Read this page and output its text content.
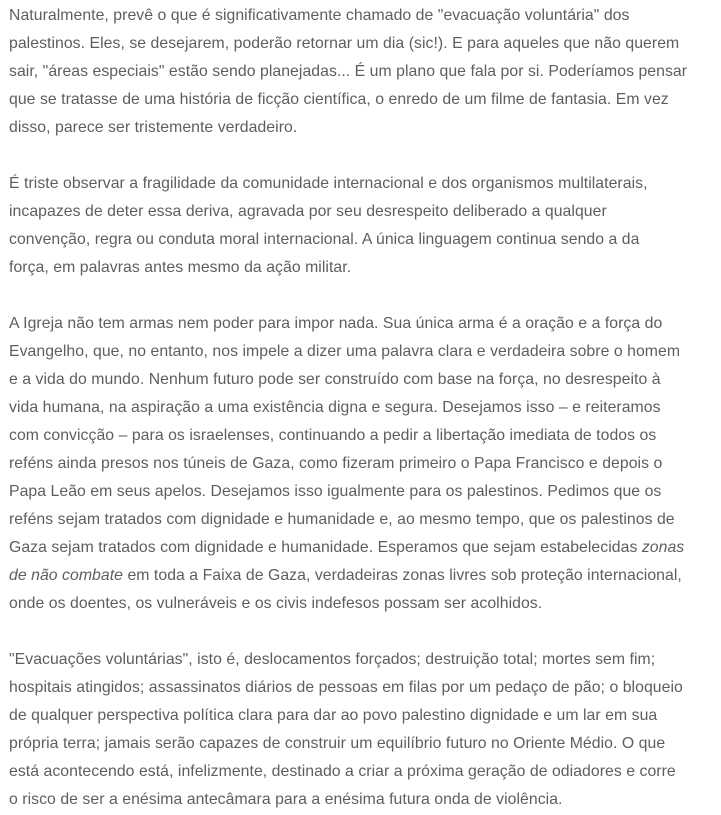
Naturalmente, prevê o que é significativamente chamado de "evacuação voluntária" dos
palestinos. Eles, se desejarem, poderão retornar um dia (sic!). E para aqueles que não querem
sair, "áreas especiais" estão sendo planejadas... É um plano que fala por si. Poderíamos pensar
que se tratasse de uma história de ficção científica, o enredo de um filme de fantasia. Em vez
disso, parece ser tristemente verdadeiro.

É triste observar a fragilidade da comunidade internacional e dos organismos multilaterais,
incapazes de deter essa deriva, agravada por seu desrespeito deliberado a qualquer
convenção, regra ou conduta moral internacional. A única linguagem continua sendo a da
força, em palavras antes mesmo da ação militar.

A Igreja não tem armas nem poder para impor nada. Sua única arma é a oração e a força do
Evangelho, que, no entanto, nos impele a dizer uma palavra clara e verdadeira sobre o homem
e a vida do mundo. Nenhum futuro pode ser construído com base na força, no desrespeito à
vida humana, na aspiração a uma existência digna e segura. Desejamos isso – e reiteramos
com convicção – para os israelenses, continuando a pedir a libertação imediata de todos os
reféns ainda presos nos túneis de Gaza, como fizeram primeiro o Papa Francisco e depois o
Papa Leão em seus apelos. Desejamos isso igualmente para os palestinos. Pedimos que os
reféns sejam tratados com dignidade e humanidade e, ao mesmo tempo, que os palestinos de
Gaza sejam tratados com dignidade e humanidade. Esperamos que sejam estabelecidas zonas
de não combate em toda a Faixa de Gaza, verdadeiras zonas livres sob proteção internacional,
onde os doentes, os vulneráveis e os civis indefesos possam ser acolhidos.

"Evacuações voluntárias", isto é, deslocamentos forçados; destruição total; mortes sem fim;
hospitais atingidos; assassinatos diários de pessoas em filas por um pedaço de pão; o bloqueio
de qualquer perspectiva política clara para dar ao povo palestino dignidade e um lar em sua
própria terra; jamais serão capazes de construir um equilíbrio futuro no Oriente Médio. O que
está acontecendo está, infelizmente, destinado a criar a próxima geração de odiadores e corre
o risco de ser a enésima antecâmara para a enésima futura onda de violência.
